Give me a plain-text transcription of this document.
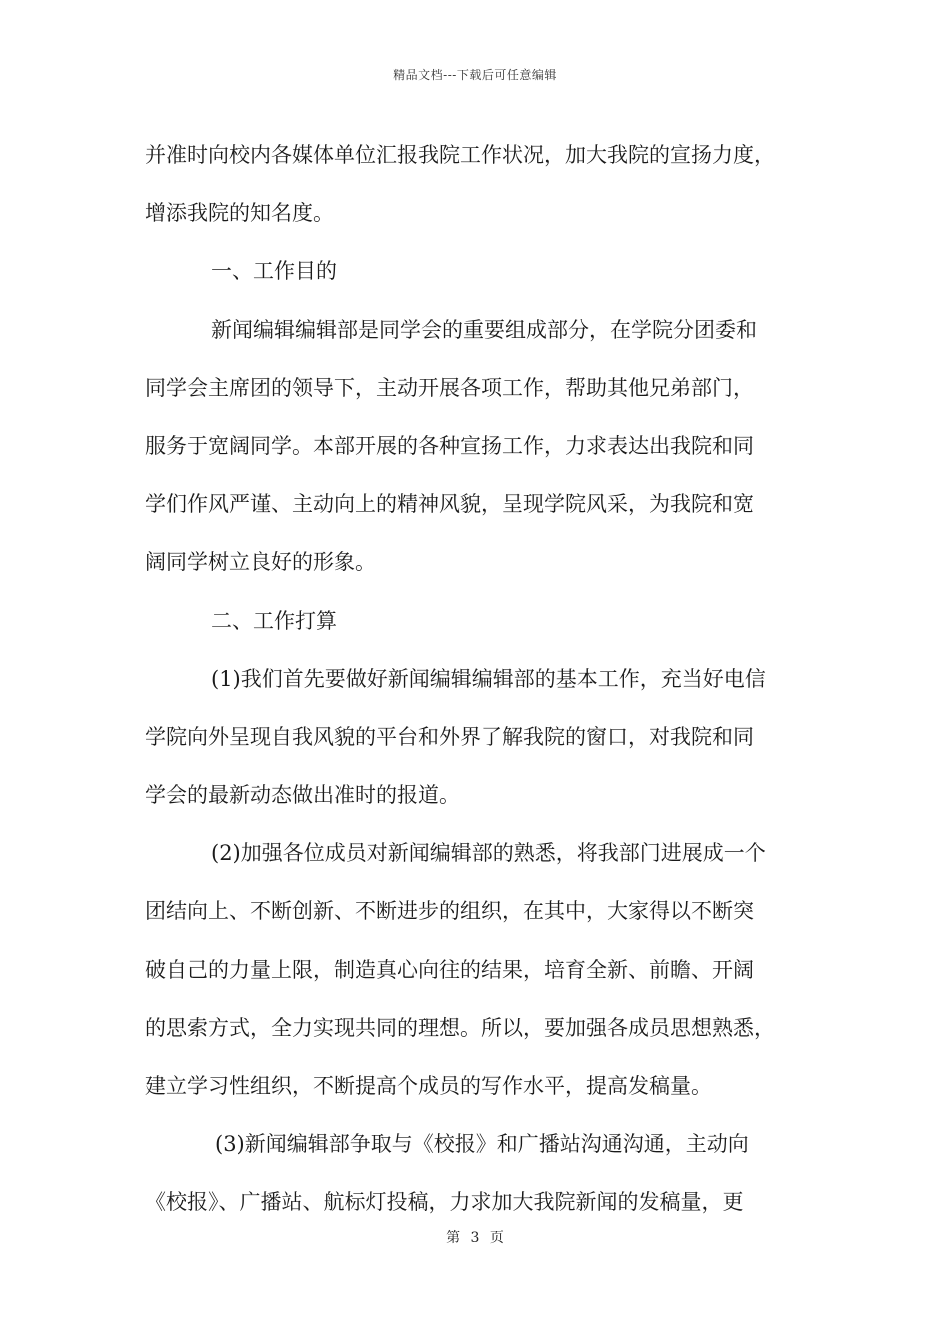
精品文档---下载后可任意编辑
并准时向校内各媒体单位汇报我院工作状况，加大我院的宣扬力度，
增添我院的知名度。
一、工作目的
新闻编辑编辑部是同学会的重要组成部分，在学院分团委和
同学会主席团的领导下，主动开展各项工作，帮助其他兄弟部门，
服务于宽阔同学。本部开展的各种宣扬工作，力求表达出我院和同
学们作风严谨、主动向上的精神风貌，呈现学院风采，为我院和宽
阔同学树立良好的形象。
二、工作打算
(1)我们首先要做好新闻编辑编辑部的基本工作，充当好电信
学院向外呈现自我风貌的平台和外界了解我院的窗口，对我院和同
学会的最新动态做出准时的报道。
(2)加强各位成员对新闻编辑部的熟悉，将我部门进展成一个
团结向上、不断创新、不断进步的组织，在其中，大家得以不断突
破自己的力量上限，制造真心向往的结果，培育全新、前瞻、开阔
的思索方式，全力实现共同的理想。所以，要加强各成员思想熟悉，
建立学习性组织，不断提高个成员的写作水平，提高发稿量。
(3)新闻编辑部争取与《校报》和广播站沟通沟通，主动向
《校报》、广播站、航标灯投稿，力求加大我院新闻的发稿量，更
第 3 页
